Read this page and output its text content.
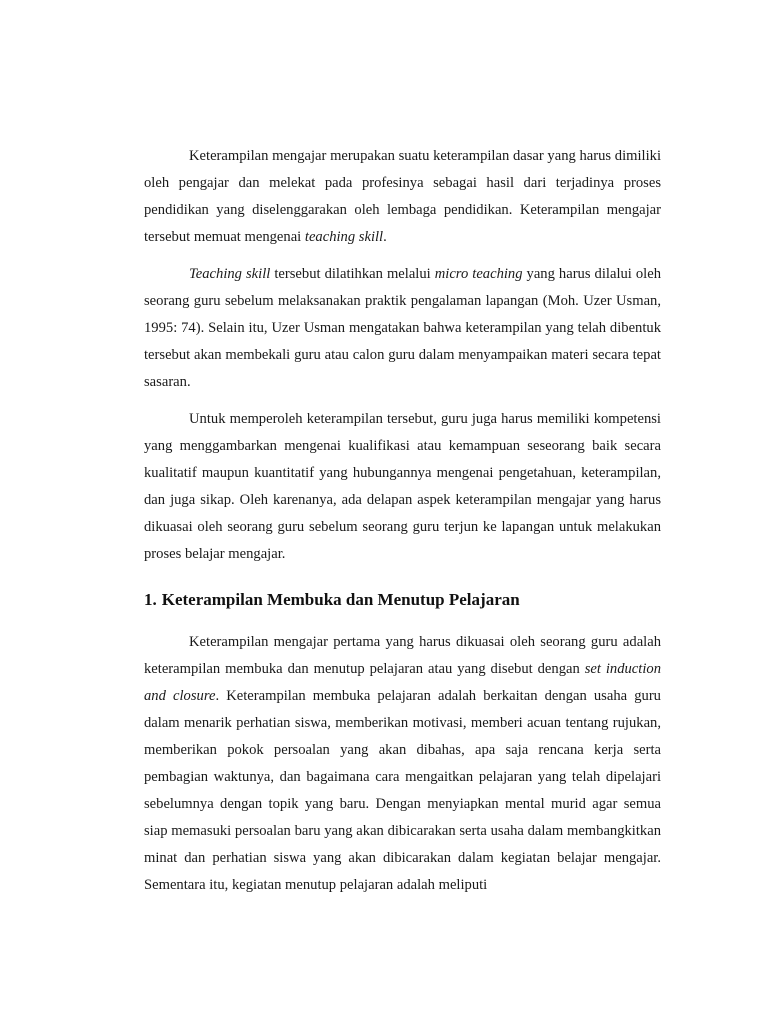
Keterampilan mengajar merupakan suatu keterampilan dasar yang harus dimiliki oleh pengajar dan melekat pada profesinya sebagai hasil dari terjadinya proses pendidikan yang diselenggarakan oleh lembaga pendidikan. Keterampilan mengajar tersebut memuat mengenai teaching skill.

Teaching skill tersebut dilatihkan melalui micro teaching yang harus dilalui oleh seorang guru sebelum melaksanakan praktik pengalaman lapangan (Moh. Uzer Usman, 1995: 74). Selain itu, Uzer Usman mengatakan bahwa keterampilan yang telah dibentuk tersebut akan membekali guru atau calon guru dalam menyampaikan materi secara tepat sasaran.

Untuk memperoleh keterampilan tersebut, guru juga harus memiliki kompetensi yang menggambarkan mengenai kualifikasi atau kemampuan seseorang baik secara kualitatif maupun kuantitatif yang hubungannya mengenai pengetahuan, keterampilan, dan juga sikap. Oleh karenanya, ada delapan aspek keterampilan mengajar yang harus dikuasai oleh seorang guru sebelum seorang guru terjun ke lapangan untuk melakukan proses belajar mengajar.

1. Keterampilan Membuka dan Menutup Pelajaran

Keterampilan mengajar pertama yang harus dikuasai oleh seorang guru adalah keterampilan membuka dan menutup pelajaran atau yang disebut dengan set induction and closure. Keterampilan membuka pelajaran adalah berkaitan dengan usaha guru dalam menarik perhatian siswa, memberikan motivasi, memberi acuan tentang rujukan, memberikan pokok persoalan yang akan dibahas, apa saja rencana kerja serta pembagian waktunya, dan bagaimana cara mengaitkan pelajaran yang telah dipelajari sebelumnya dengan topik yang baru. Dengan menyiapkan mental murid agar semua siap memasuki persoalan baru yang akan dibicarakan serta usaha dalam membangkitkan minat dan perhatian siswa yang akan dibicarakan dalam kegiatan belajar mengajar. Sementara itu, kegiatan menutup pelajaran adalah meliputi
